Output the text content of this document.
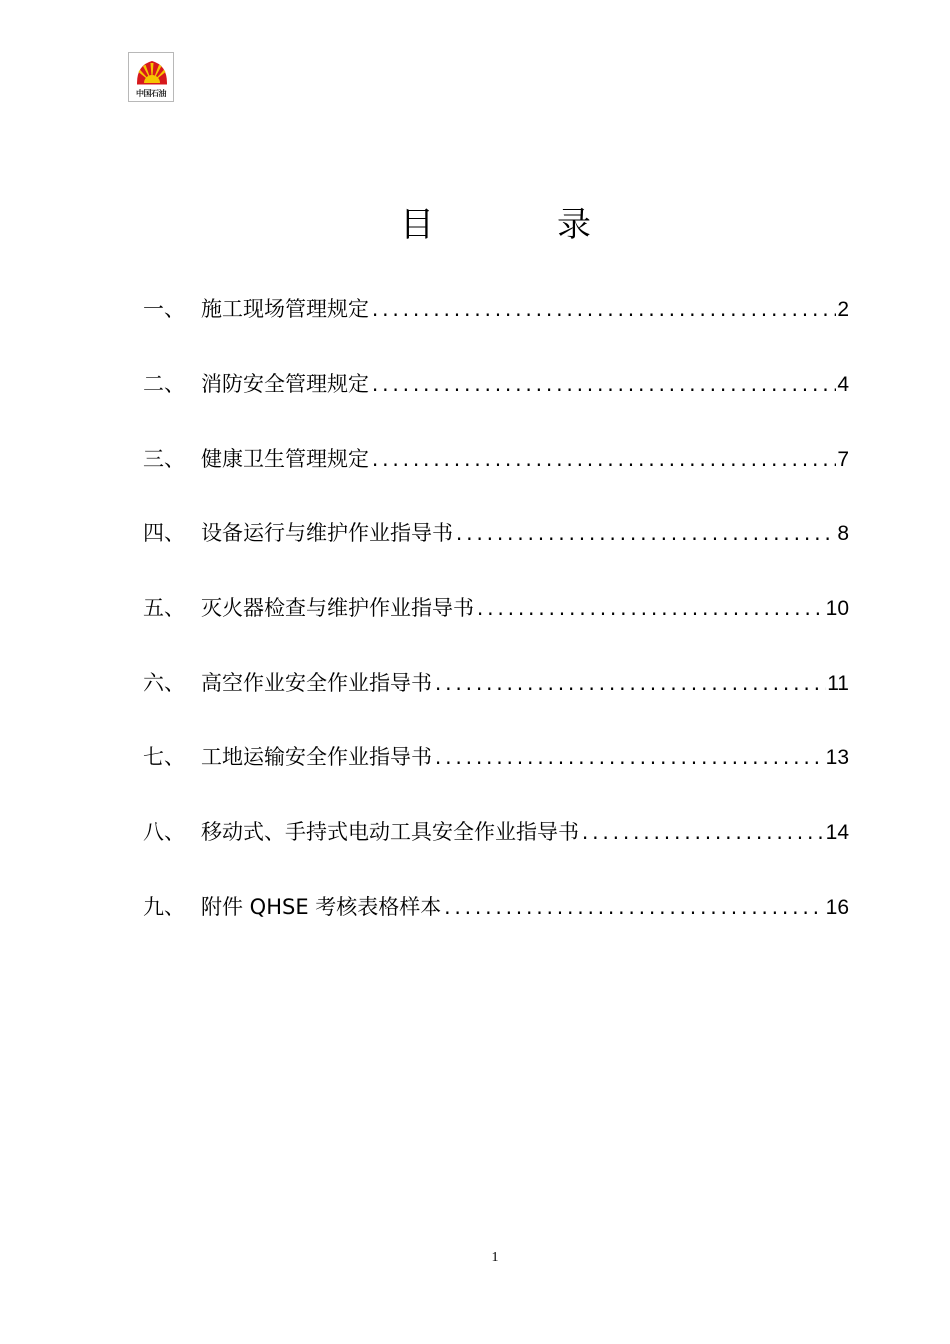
中国石油
目	录
一、 施工现场管理规定 .....	2
二、 消防安全管理规定 .....	4
三、 健康卫生管理规定 .....	7
四、 设备运行与维护作业指导书 .....	8
五、 灭火器检查与维护作业指导书 .....	10
六、 高空作业安全作业指导书 .....	11
七、 工地运输安全作业指导书 .....	13
八、 移动式、手持式电动工具安全作业指导书 .....	14
九、 附件 QHSE 考核表格样本 .....	16
1
